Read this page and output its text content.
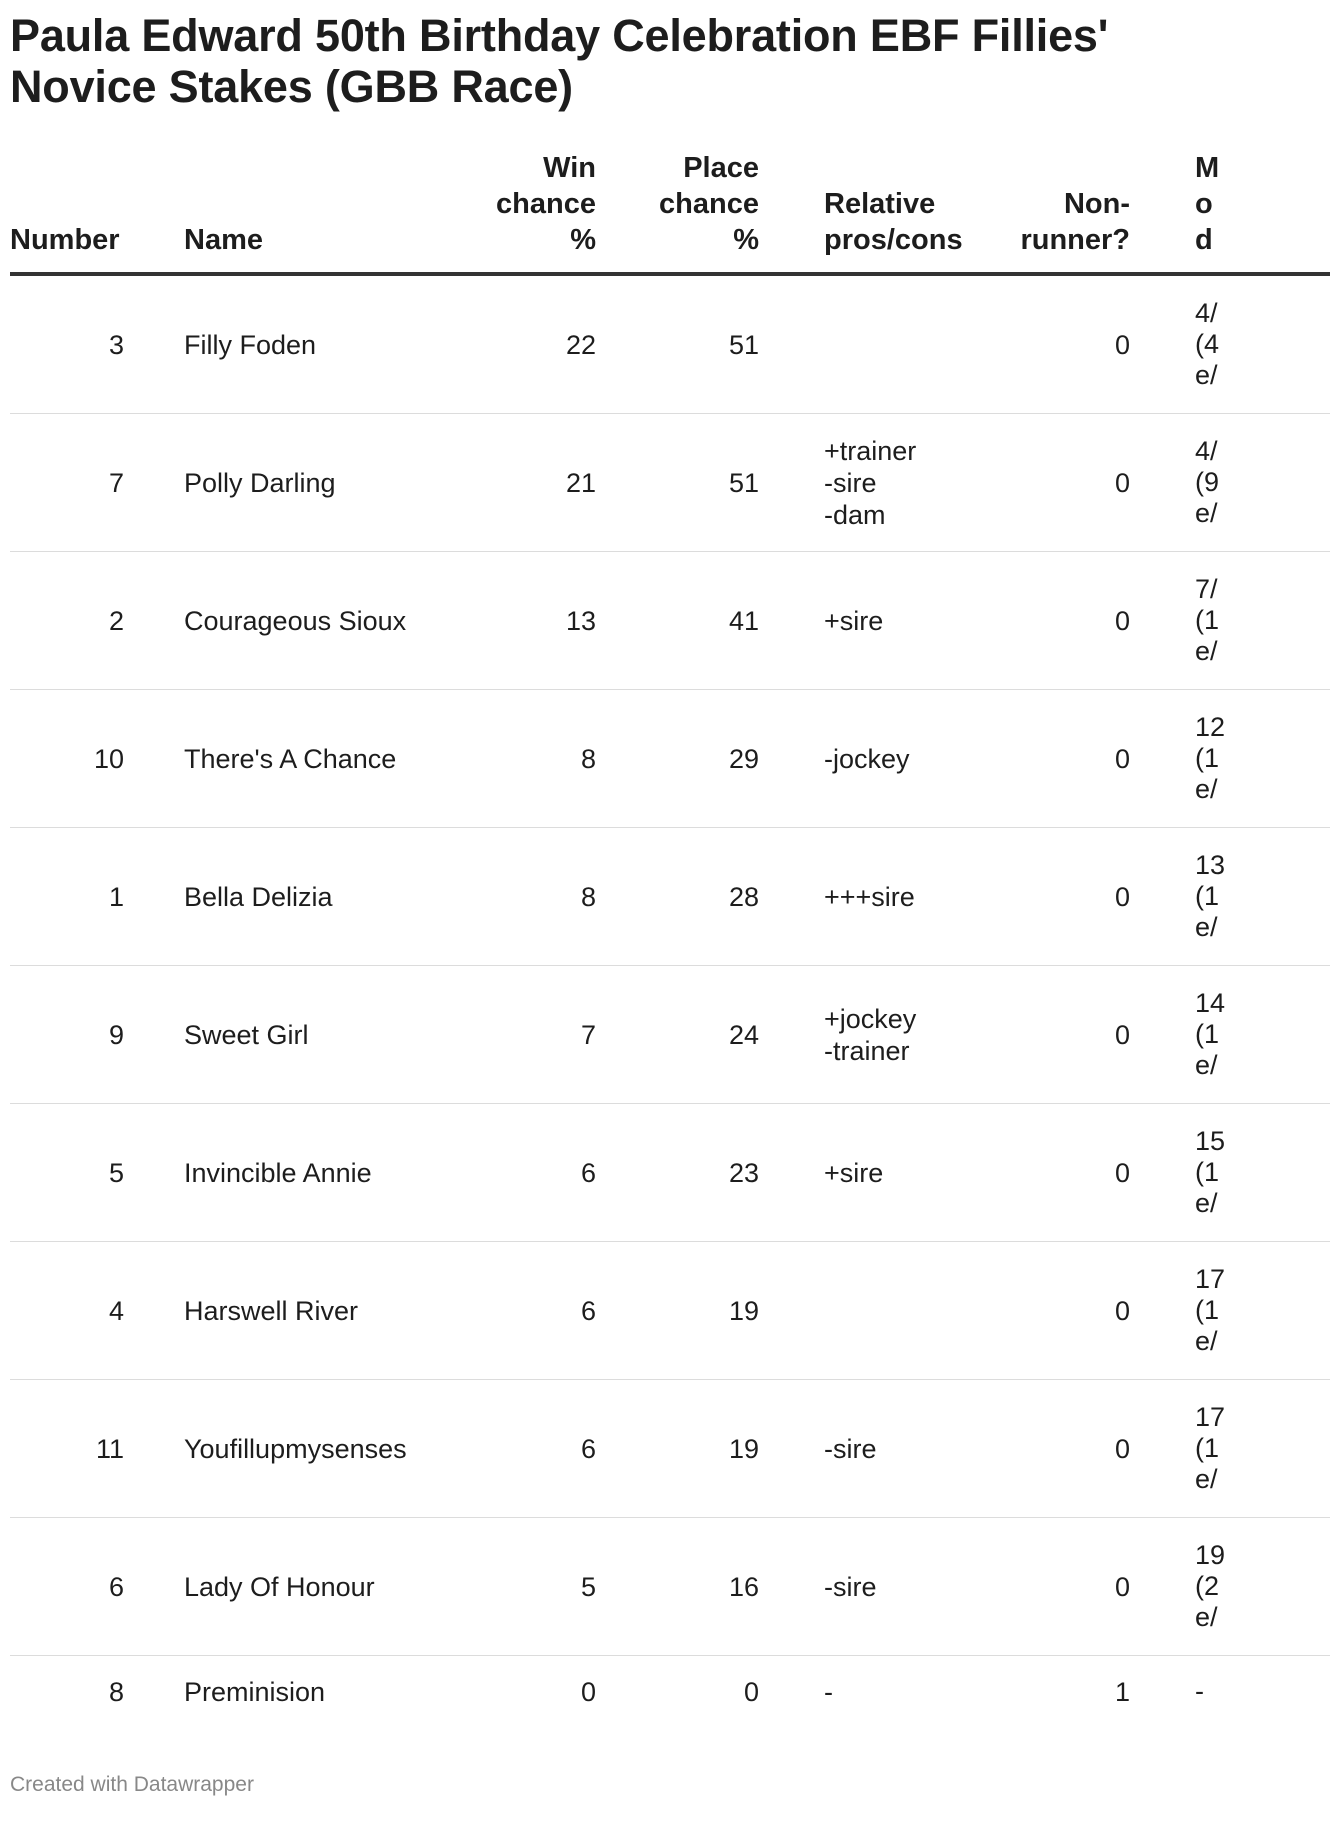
Paula Edward 50th Birthday Celebration EBF Fillies' Novice Stakes (GBB Race)
Number		Name	Win chance %	Place chance %		Relative pros/cons	Non-runner?		M od
3		Filly Foden	22	51			0		4/
(4
e/
7		Polly Darling	21	51		+trainer
-sire
-dam	0		4/
(9
e/
2		Courageous Sioux	13	41		+sire	0		7/
(1
e/
10		There's A Chance	8	29		-jockey	0		12
(1
e/
1		Bella Delizia	8	28		+++sire	0		13
(1
e/
9		Sweet Girl	7	24		+jockey
-trainer	0		14
(1
e/
5		Invincible Annie	6	23		+sire	0		15
(1
e/
4		Harswell River	6	19			0		17
(1
e/
11		Youfillupmysenses	6	19		-sire	0		17
(1
e/
6		Lady Of Honour	5	16		-sire	0		19
(2
e/
8		Preminision	0	0		-	1		-
Created with Datawrapper
